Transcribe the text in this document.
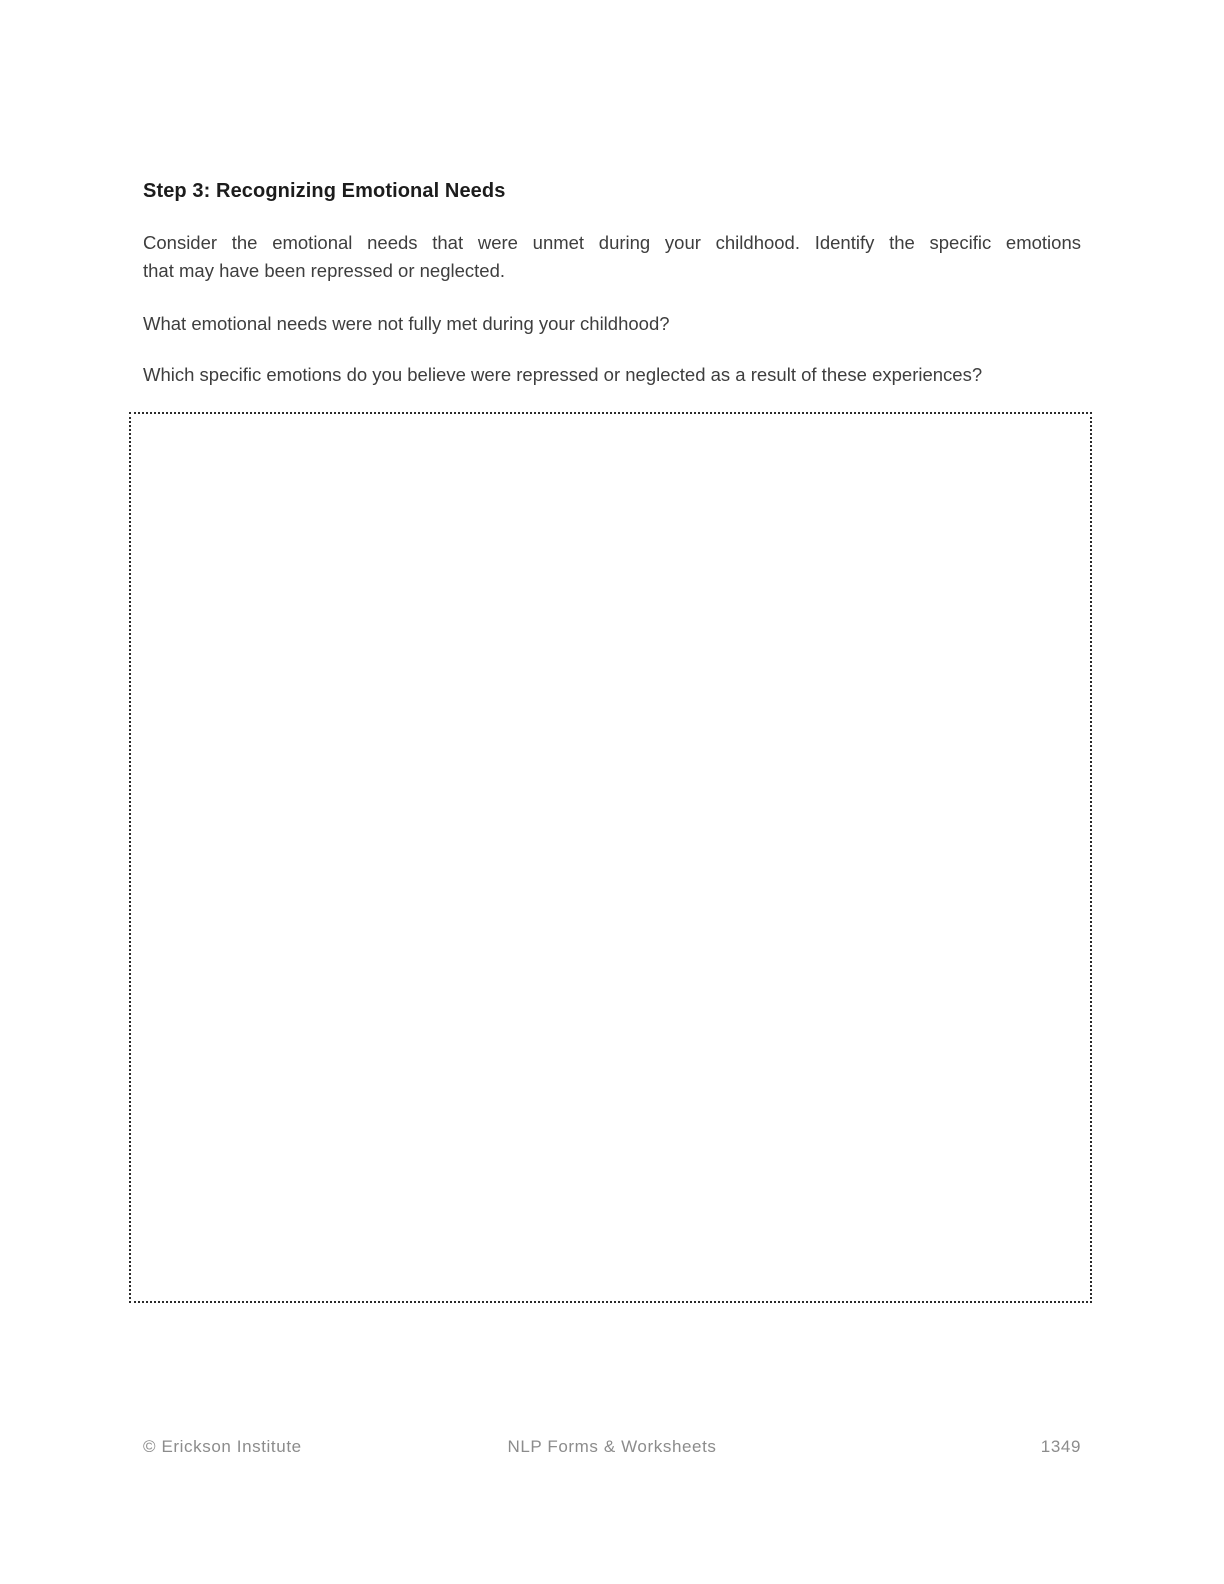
Step 3: Recognizing Emotional Needs
Consider the emotional needs that were unmet during your childhood. Identify the specific emotions
that may have been repressed or neglected.
What emotional needs were not fully met during your childhood?
Which specific emotions do you believe were repressed or neglected as a result of these experiences?
© Erickson Institute	NLP Forms & Worksheets	1349
